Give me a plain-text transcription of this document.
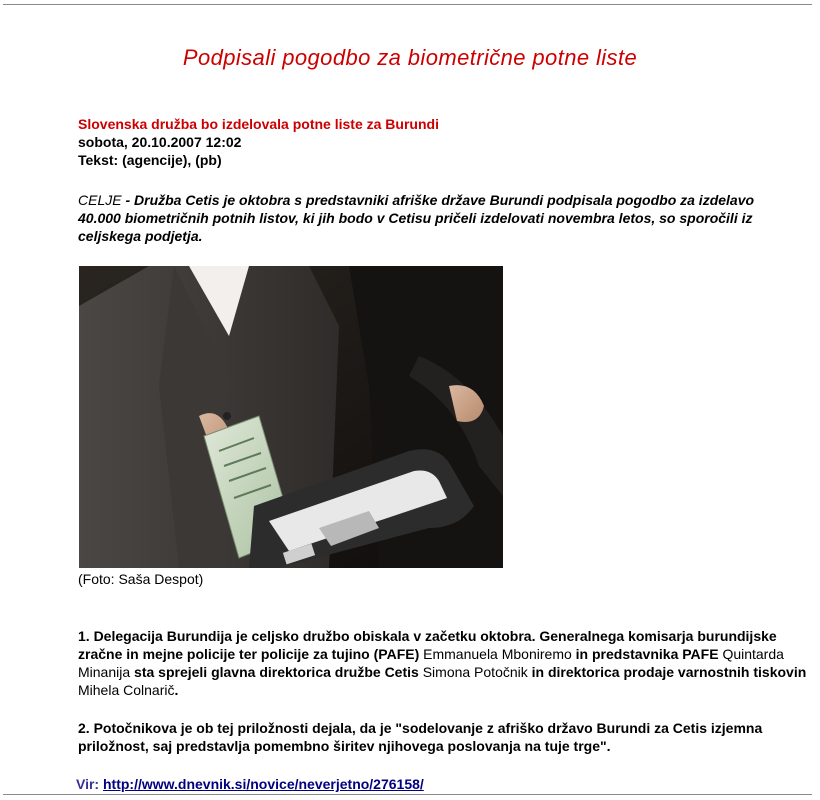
Podpisali pogodbo za biometrične potne liste
Slovenska družba bo izdelovala potne liste za Burundi
sobota, 20.10.2007 12:02
Tekst: (agencije), (pb)
CELJE - Družba Cetis je oktobra s predstavniki afriške države Burundi podpisala pogodbo za izdelavo 40.000 biometričnih potnih listov, ki jih bodo v Cetisu pričeli izdelovati novembra letos, so sporočili iz celjskega podjetja.
(Foto: Saša Despot)
1. Delegacija Burundija je celjsko družbo obiskala v začetku oktobra. Generalnega komisarja burundijske zračne in mejne policije ter policije za tujino (PAFE) Emmanuela Mboniremo in predstavnika PAFE Quintarda Minanija sta sprejeli glavna direktorica družbe Cetis Simona Potočnik in direktorica prodaje varnostnih tiskovin Mihela Colnarič.
2. Potočnikova je ob tej priložnosti dejala, da je "sodelovanje z afriško državo Burundi za Cetis izjemna priložnost, saj predstavlja pomembno širitev njihovega poslovanja na tuje trge".
Vir: http://www.dnevnik.si/novice/neverjetno/276158/
